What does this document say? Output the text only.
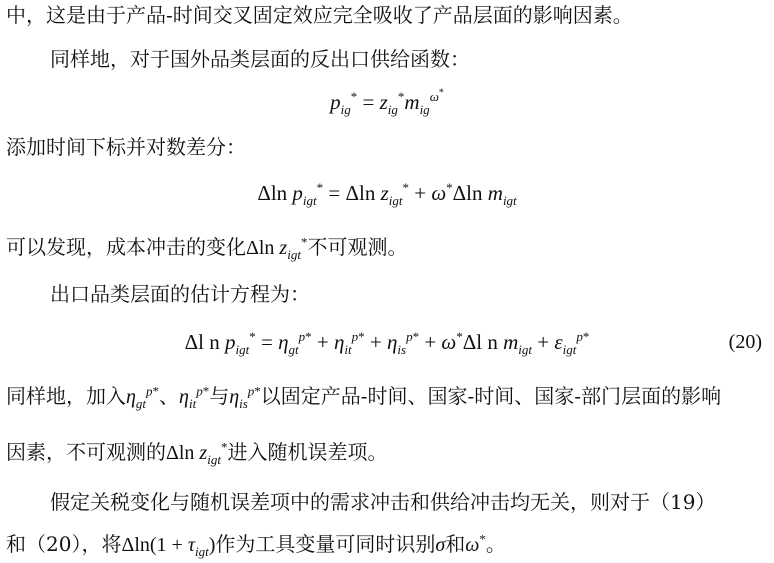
中，这是由于产品-时间交叉固定效应完全吸收了产品层面的影响因素。
同样地，对于国外品类层面的反出口供给函数：
$p_{ig}^* = z_{ig}^*m_{ig}^{\omega^*}$
添加时间下标并对数差分：
Δln $p_{igt}^* = \Delta\ln$ $z_{igt}^* + \omega^*\Delta\ln$ $m_{igt}$
可以发现，成本冲击的变化Δln $z_{igt}^*$不可观测。
出口品类层面的估计方程为：
Δl n $p_{igt}^* = \eta_{gt}^{p*} + \eta_{it}^{p*} + \eta_{is}^{p*} + \omega^*\Delta l$ n $m_{igt} + \varepsilon_{igt}^{p*}$	(20)
同样地，加入$\eta_{gt}^{p*}$、$\eta_{it}^{p*}$与$\eta_{is}^{p*}$以固定产品-时间、国家-时间、国家-部门层面的影响
因素，不可观测的Δln $z_{igt}^*$进入随机误差项。
假定关税变化与随机误差项中的需求冲击和供给冲击均无关，则对于（19）
和（20），将$\Delta\ln(1 + \tau_{igt})$作为工具变量可同时识别σ和ω*。
